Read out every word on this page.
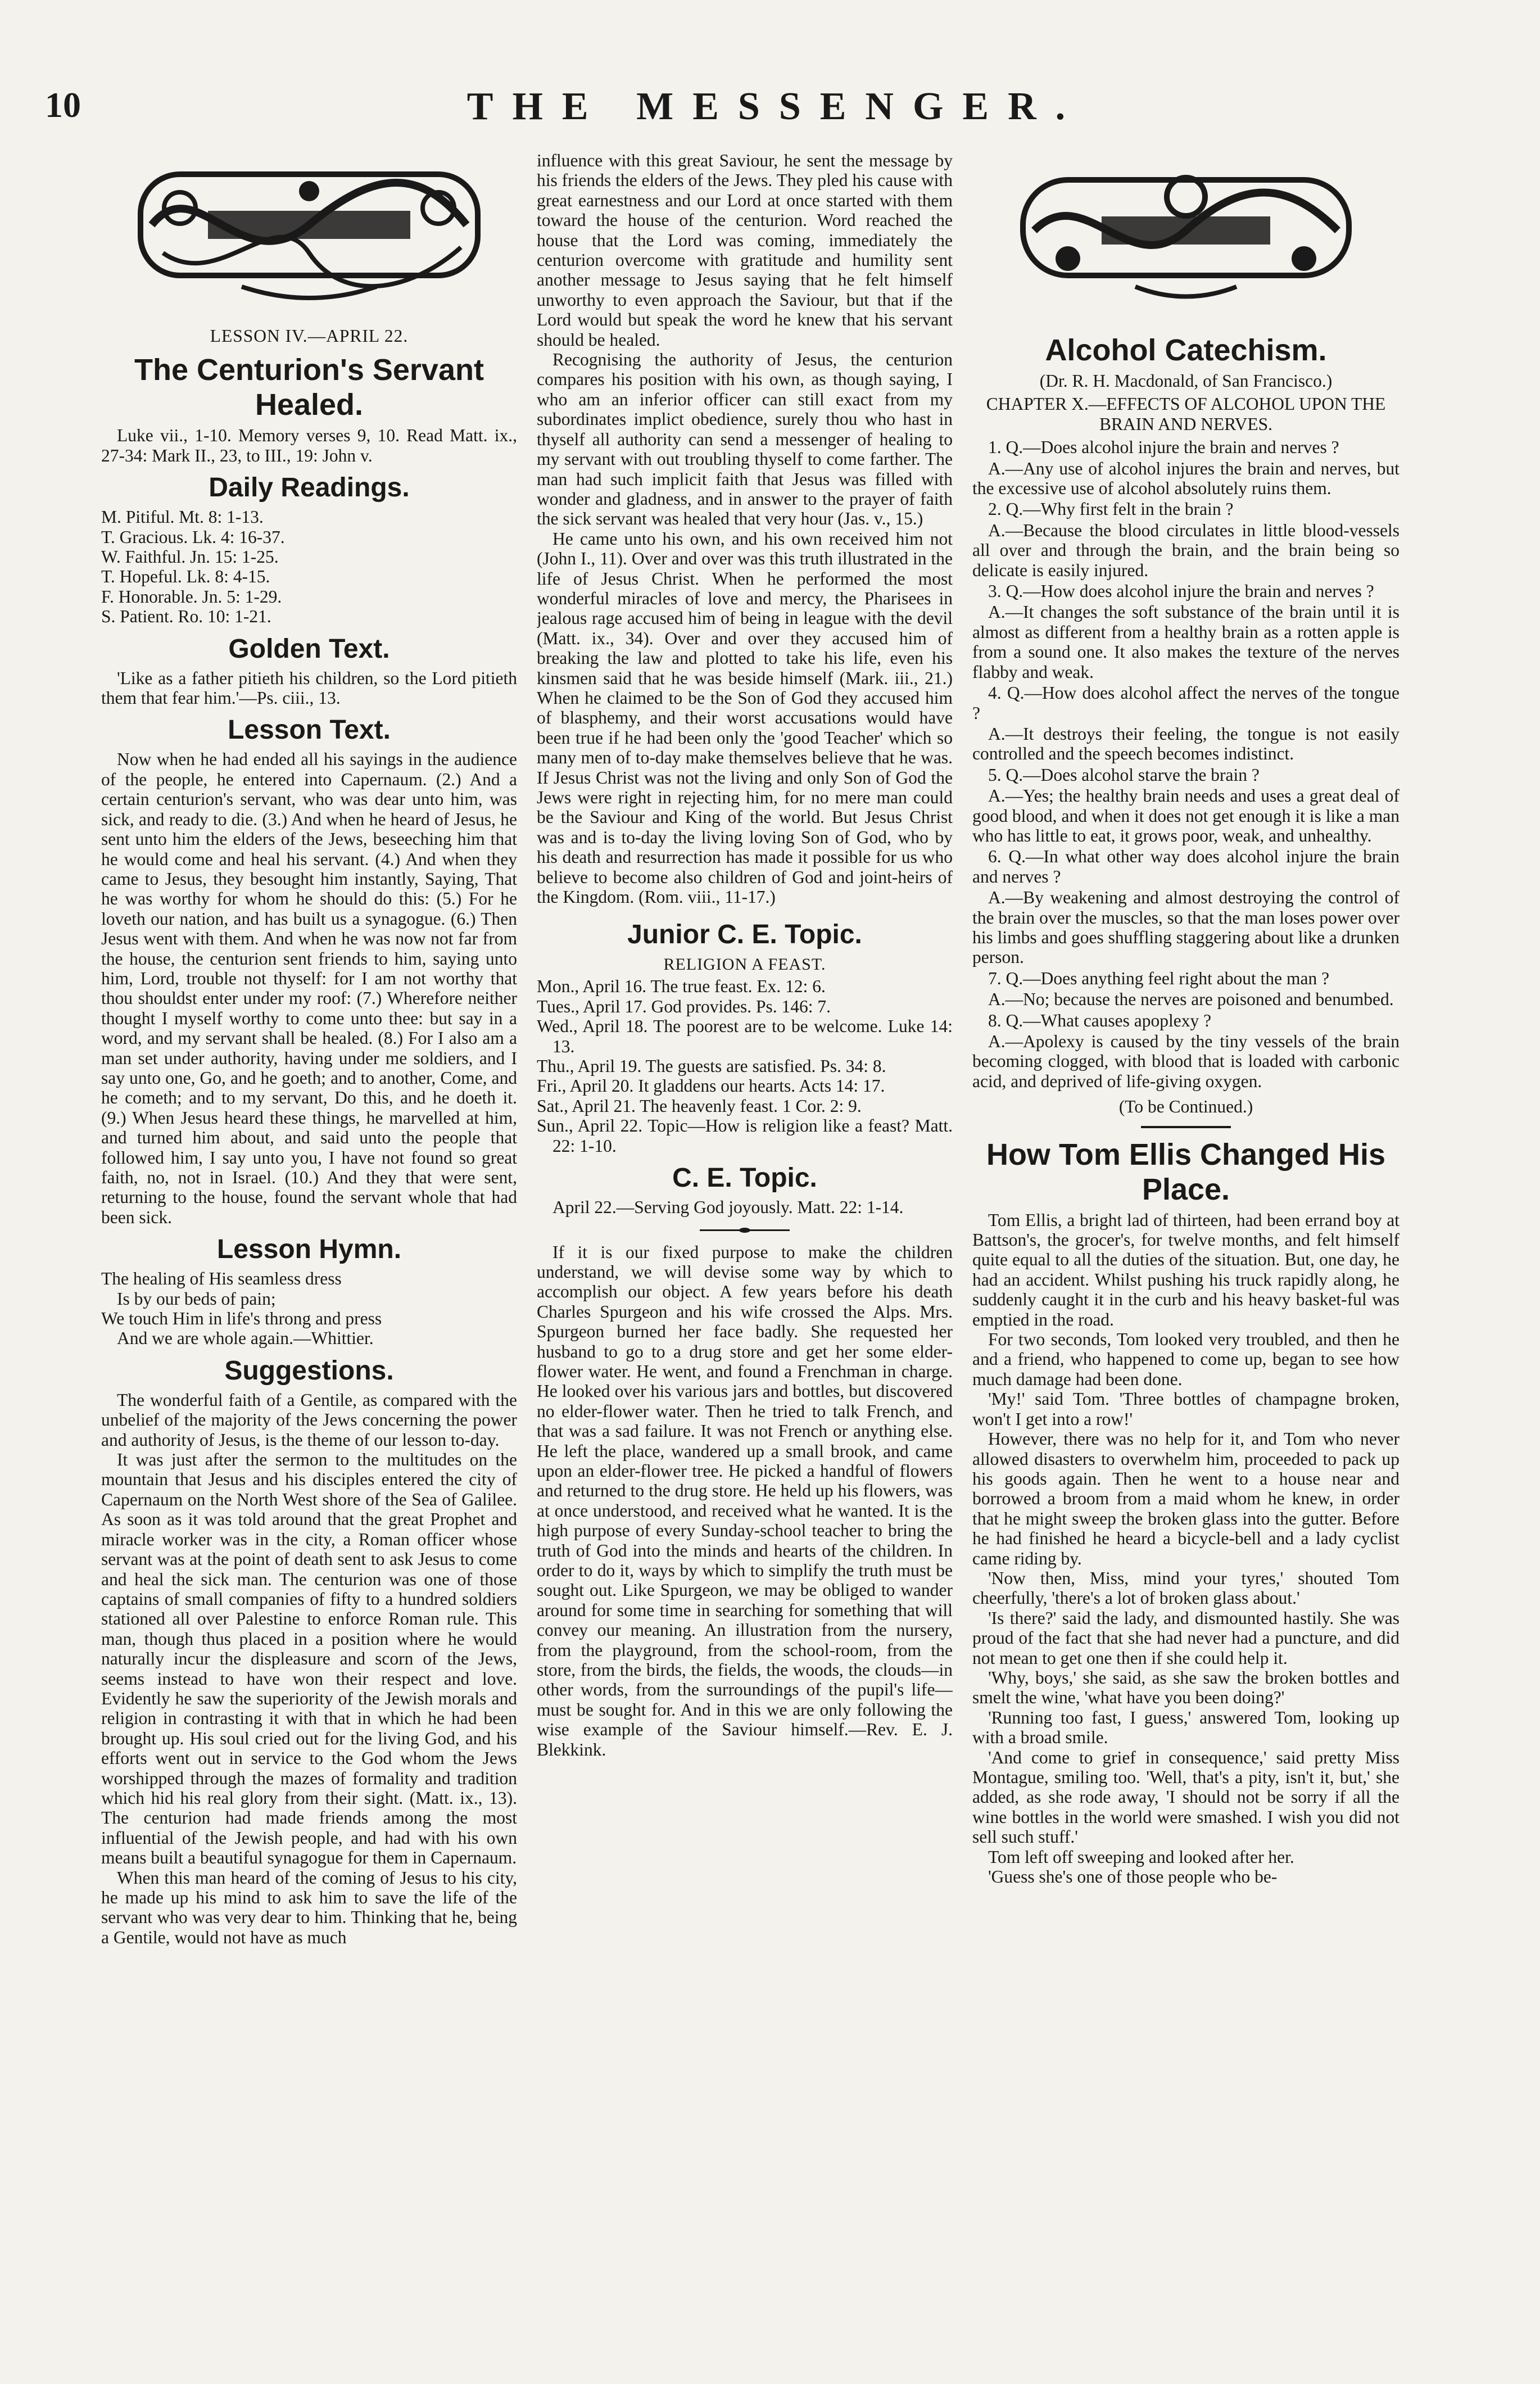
10	THE MESSENGER.

LESSON IV.—APRIL 22.

The Centurion's Servant Healed.

Luke vii., 1-10. Memory verses 9, 10. Read Matt. ix., 27-34: Mark II., 23, to III., 19: John v.

Daily Readings.

M. Pitiful. Mt. 8: 1-13.

T. Gracious. Lk. 4: 16-37.

W. Faithful. Jn. 15: 1-25.

T. Hopeful. Lk. 8: 4-15.

F. Honorable. Jn. 5: 1-29.

S. Patient. Ro. 10: 1-21.

Golden Text.

'Like as a father pitieth his children, so the Lord pitieth them that fear him.'—Ps. ciii., 13.

Lesson Text.

Now when he had ended all his sayings in the audience of the people, he entered into Capernaum. (2.) And a certain centurion's servant, who was dear unto him, was sick, and ready to die. (3.) And when he heard of Jesus, he sent unto him the elders of the Jews, beseeching him that he would come and heal his servant. (4.) And when they came to Jesus, they besought him instantly, Saying, That he was worthy for whom he should do this: (5.) For he loveth our nation, and has built us a synagogue. (6.) Then Jesus went with them. And when he was now not far from the house, the centurion sent friends to him, saying unto him, Lord, trouble not thyself: for I am not worthy that thou shouldst enter under my roof: (7.) Wherefore neither thought I myself worthy to come unto thee: but say in a word, and my servant shall be healed. (8.) For I also am a man set under authority, having under me soldiers, and I say unto one, Go, and he goeth; and to another, Come, and he cometh; and to my servant, Do this, and he doeth it. (9.) When Jesus heard these things, he marvelled at him, and turned him about, and said unto the people that followed him, I say unto you, I have not found so great faith, no, not in Israel. (10.) And they that were sent, returning to the house, found the servant whole that had been sick.

Lesson Hymn.

The healing of His seamless dress

Is by our beds of pain;

We touch Him in life's throng and press

And we are whole again.—Whittier.

Suggestions.

The wonderful faith of a Gentile, as compared with the unbelief of the majority of the Jews concerning the power and authority of Jesus, is the theme of our lesson to-day.

It was just after the sermon to the multitudes on the mountain that Jesus and his disciples entered the city of Capernaum on the North West shore of the Sea of Galilee. As soon as it was told around that the great Prophet and miracle worker was in the city, a Roman officer whose servant was at the point of death sent to ask Jesus to come and heal the sick man. The centurion was one of those captains of small companies of fifty to a hundred soldiers stationed all over Palestine to enforce Roman rule. This man, though thus placed in a position where he would naturally incur the displeasure and scorn of the Jews, seems instead to have won their respect and love. Evidently he saw the superiority of the Jewish morals and religion in contrasting it with that in which he had been brought up. His soul cried out for the living God, and his efforts went out in service to the God whom the Jews worshipped through the mazes of formality and tradition which hid his real glory from their sight. (Matt. ix., 13). The centurion had made friends among the most influential of the Jewish people, and had with his own means built a beautiful synagogue for them in Capernaum.

When this man heard of the coming of Jesus to his city, he made up his mind to ask him to save the life of the servant who was very dear to him. Thinking that he, being a Gentile, would not have as much

influence with this great Saviour, he sent the message by his friends the elders of the Jews. They pled his cause with great earnestness and our Lord at once started with them toward the house of the centurion. Word reached the house that the Lord was coming, immediately the centurion overcome with gratitude and humility sent another message to Jesus saying that he felt himself unworthy to even approach the Saviour, but that if the Lord would but speak the word he knew that his servant should be healed.

Recognising the authority of Jesus, the centurion compares his position with his own, as though saying, I who am an inferior officer can still exact from my subordinates implict obedience, surely thou who hast in thyself all authority can send a messenger of healing to my servant with out troubling thyself to come farther. The man had such implicit faith that Jesus was filled with wonder and gladness, and in answer to the prayer of faith the sick servant was healed that very hour (Jas. v., 15.)

He came unto his own, and his own received him not (John I., 11). Over and over was this truth illustrated in the life of Jesus Christ. When he performed the most wonderful miracles of love and mercy, the Pharisees in jealous rage accused him of being in league with the devil (Matt. ix., 34). Over and over they accused him of breaking the law and plotted to take his life, even his kinsmen said that he was beside himself (Mark. iii., 21.) When he claimed to be the Son of God they accused him of blasphemy, and their worst accusations would have been true if he had been only the 'good Teacher' which so many men of to-day make themselves believe that he was. If Jesus Christ was not the living and only Son of God the Jews were right in rejecting him, for no mere man could be the Saviour and King of the world. But Jesus Christ was and is to-day the living loving Son of God, who by his death and resurrection has made it possible for us who believe to become also children of God and joint-heirs of the Kingdom. (Rom. viii., 11-17.)

Junior C. E. Topic.
RELIGION A FEAST.

Mon., April 16. The true feast. Ex. 12: 6.

Tues., April 17. God provides. Ps. 146: 7.

Wed., April 18. The poorest are to be welcome. Luke 14: 13.

Thu., April 19. The guests are satisfied. Ps. 34: 8.

Fri., April 20. It gladdens our hearts. Acts 14: 17.

Sat., April 21. The heavenly feast. 1 Cor. 2: 9.

Sun., April 22. Topic—How is religion like a feast? Matt. 22: 1-10.

C. E. Topic.

April 22.—Serving God joyously. Matt. 22: 1-14.

If it is our fixed purpose to make the children understand, we will devise some way by which to accomplish our object. A few years before his death Charles Spurgeon and his wife crossed the Alps. Mrs. Spurgeon burned her face badly. She requested her husband to go to a drug store and get her some elder-flower water. He went, and found a Frenchman in charge. He looked over his various jars and bottles, but discovered no elder-flower water. Then he tried to talk French, and that was a sad failure. It was not French or anything else. He left the place, wandered up a small brook, and came upon an elder-flower tree. He picked a handful of flowers and returned to the drug store. He held up his flowers, was at once understood, and received what he wanted. It is the high purpose of every Sunday-school teacher to bring the truth of God into the minds and hearts of the children. In order to do it, ways by which to simplify the truth must be sought out. Like Spurgeon, we may be obliged to wander around for some time in searching for something that will convey our meaning. An illustration from the nursery, from the playground, from the school-room, from the store, from the birds, the fields, the woods, the clouds—in other words, from the surroundings of the pupil's life—must be sought for. And in this we are only following the wise example of the Saviour himself.—Rev. E. J. Blekkink.

Alcohol Catechism.

(Dr. R. H. Macdonald, of San Francisco.)

CHAPTER X.—EFFECTS OF ALCOHOL UPON THE BRAIN AND NERVES.

1. Q.—Does alcohol injure the brain and nerves ?

A.—Any use of alcohol injures the brain and nerves, but the excessive use of alcohol absolutely ruins them.

2. Q.—Why first felt in the brain ?

A.—Because the blood circulates in little blood-vessels all over and through the brain, and the brain being so delicate is easily injured.

3. Q.—How does alcohol injure the brain and nerves ?

A.—It changes the soft substance of the brain until it is almost as different from a healthy brain as a rotten apple is from a sound one. It also makes the texture of the nerves flabby and weak.

4. Q.—How does alcohol affect the nerves of the tongue ?

A.—It destroys their feeling, the tongue is not easily controlled and the speech becomes indistinct.

5. Q.—Does alcohol starve the brain ?

A.—Yes; the healthy brain needs and uses a great deal of good blood, and when it does not get enough it is like a man who has little to eat, it grows poor, weak, and unhealthy.

6. Q.—In what other way does alcohol injure the brain and nerves ?

A.—By weakening and almost destroying the control of the brain over the muscles, so that the man loses power over his limbs and goes shuffling staggering about like a drunken person.

7. Q.—Does anything feel right about the man ?

A.—No; because the nerves are poisoned and benumbed.

8. Q.—What causes apoplexy ?

A.—Apolexy is caused by the tiny vessels of the brain becoming clogged, with blood that is loaded with carbonic acid, and deprived of life-giving oxygen.

(To be Continued.)

How Tom Ellis Changed His Place.

Tom Ellis, a bright lad of thirteen, had been errand boy at Battson's, the grocer's, for twelve months, and felt himself quite equal to all the duties of the situation. But, one day, he had an accident. Whilst pushing his truck rapidly along, he suddenly caught it in the curb and his heavy basket-ful was emptied in the road.

For two seconds, Tom looked very troubled, and then he and a friend, who happened to come up, began to see how much damage had been done.

'My!' said Tom. 'Three bottles of champagne broken, won't I get into a row!'

However, there was no help for it, and Tom who never allowed disasters to overwhelm him, proceeded to pack up his goods again. Then he went to a house near and borrowed a broom from a maid whom he knew, in order that he might sweep the broken glass into the gutter. Before he had finished he heard a bicycle-bell and a lady cyclist came riding by.

'Now then, Miss, mind your tyres,' shouted Tom cheerfully, 'there's a lot of broken glass about.'

'Is there?' said the lady, and dismounted hastily. She was proud of the fact that she had never had a puncture, and did not mean to get one then if she could help it.

'Why, boys,' she said, as she saw the broken bottles and smelt the wine, 'what have you been doing?'

'Running too fast, I guess,' answered Tom, looking up with a broad smile.

'And come to grief in consequence,' said pretty Miss Montague, smiling too. 'Well, that's a pity, isn't it, but,' she added, as she rode away, 'I should not be sorry if all the wine bottles in the world were smashed. I wish you did not sell such stuff.'

Tom left off sweeping and looked after her.

'Guess she's one of those people who be-
